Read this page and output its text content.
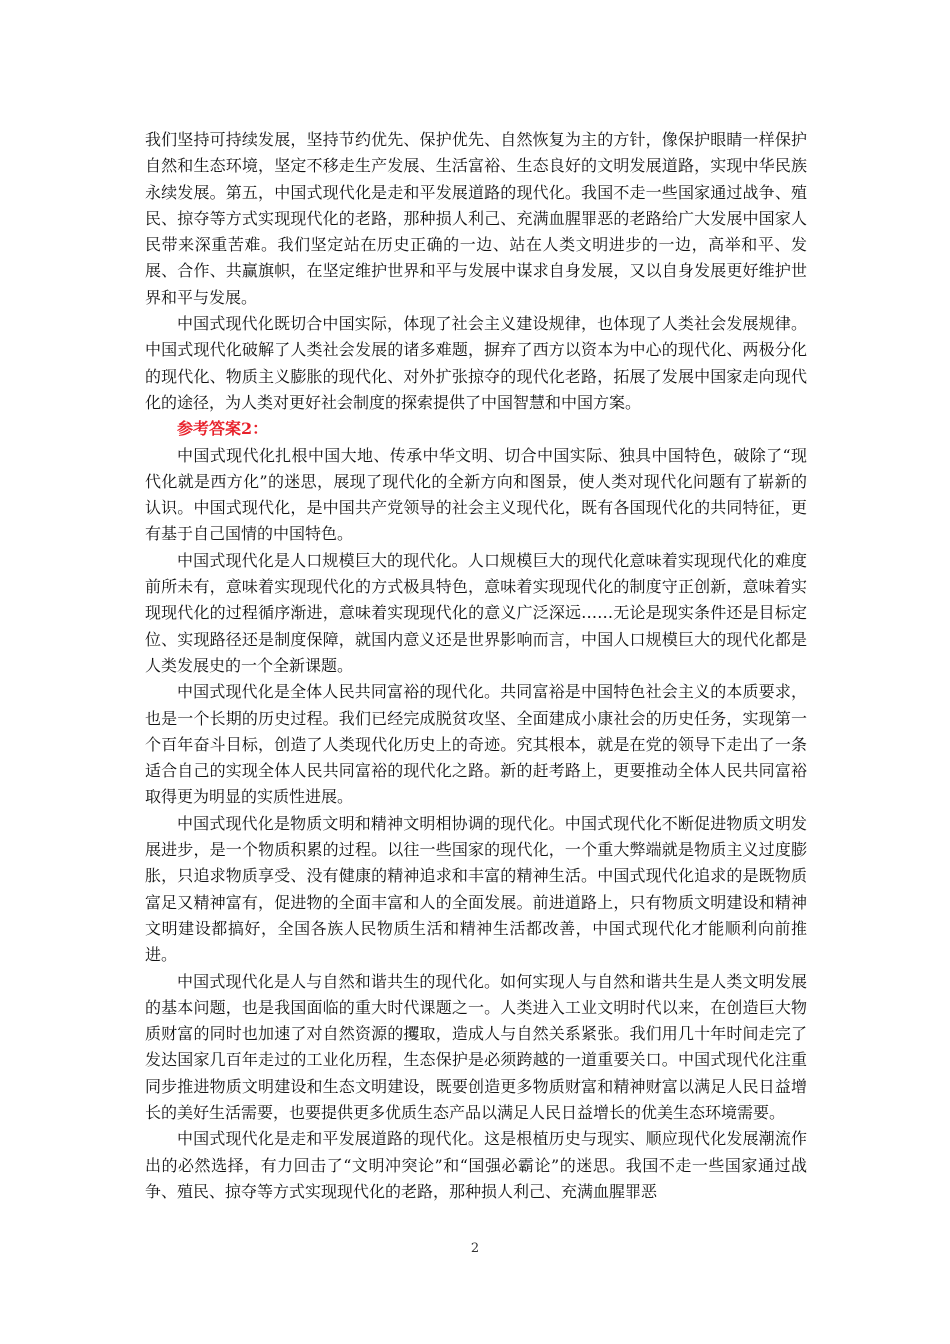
我们坚持可持续发展，坚持节约优先、保护优先、自然恢复为主的方针，像保护眼睛一样保护自然和生态环境，坚定不移走生产发展、生活富裕、生态良好的文明发展道路，实现中华民族永续发展。第五，中国式现代化是走和平发展道路的现代化。我国不走一些国家通过战争、殖民、掠夺等方式实现现代化的老路，那种损人利己、充满血腥罪恶的老路给广大发展中国家人民带来深重苦难。我们坚定站在历史正确的一边、站在人类文明进步的一边，高举和平、发展、合作、共赢旗帜，在坚定维护世界和平与发展中谋求自身发展，又以自身发展更好维护世界和平与发展。

中国式现代化既切合中国实际，体现了社会主义建设规律，也体现了人类社会发展规律。中国式现代化破解了人类社会发展的诸多难题，摒弃了西方以资本为中心的现代化、两极分化的现代化、物质主义膨胀的现代化、对外扩张掠夺的现代化老路，拓展了发展中国家走向现代化的途径，为人类对更好社会制度的探索提供了中国智慧和中国方案。

参考答案2：

中国式现代化扎根中国大地、传承中华文明、切合中国实际、独具中国特色，破除了“现代化就是西方化”的迷思，展现了现代化的全新方向和图景，使人类对现代化问题有了崭新的认识。中国式现代化，是中国共产党领导的社会主义现代化，既有各国现代化的共同特征，更有基于自己国情的中国特色。

中国式现代化是人口规模巨大的现代化。人口规模巨大的现代化意味着实现现代化的难度前所未有，意味着实现现代化的方式极具特色，意味着实现现代化的制度守正创新，意味着实现现代化的过程循序渐进，意味着实现现代化的意义广泛深远……无论是现实条件还是目标定位、实现路径还是制度保障，就国内意义还是世界影响而言，中国人口规模巨大的现代化都是人类发展史的一个全新课题。

中国式现代化是全体人民共同富裕的现代化。共同富裕是中国特色社会主义的本质要求，也是一个长期的历史过程。我们已经完成脱贫攻坚、全面建成小康社会的历史任务，实现第一个百年奋斗目标，创造了人类现代化历史上的奇迹。究其根本，就是在党的领导下走出了一条适合自己的实现全体人民共同富裕的现代化之路。新的赶考路上，更要推动全体人民共同富裕取得更为明显的实质性进展。

中国式现代化是物质文明和精神文明相协调的现代化。中国式现代化不断促进物质文明发展进步，是一个物质积累的过程。以往一些国家的现代化，一个重大弊端就是物质主义过度膨胀，只追求物质享受、没有健康的精神追求和丰富的精神生活。中国式现代化追求的是既物质富足又精神富有，促进物的全面丰富和人的全面发展。前进道路上，只有物质文明建设和精神文明建设都搞好，全国各族人民物质生活和精神生活都改善，中国式现代化才能顺利向前推进。

中国式现代化是人与自然和谐共生的现代化。如何实现人与自然和谐共生是人类文明发展的基本问题，也是我国面临的重大时代课题之一。人类进入工业文明时代以来，在创造巨大物质财富的同时也加速了对自然资源的攫取，造成人与自然关系紧张。我们用几十年时间走完了发达国家几百年走过的工业化历程，生态保护是必须跨越的一道重要关口。中国式现代化注重同步推进物质文明建设和生态文明建设，既要创造更多物质财富和精神财富以满足人民日益增长的美好生活需要，也要提供更多优质生态产品以满足人民日益增长的优美生态环境需要。

中国式现代化是走和平发展道路的现代化。这是根植历史与现实、顺应现代化发展潮流作出的必然选择，有力回击了“文明冲突论”和“国强必霸论”的迷思。我国不走一些国家通过战争、殖民、掠夺等方式实现现代化的老路，那种损人利己、充满血腥罪恶

2
